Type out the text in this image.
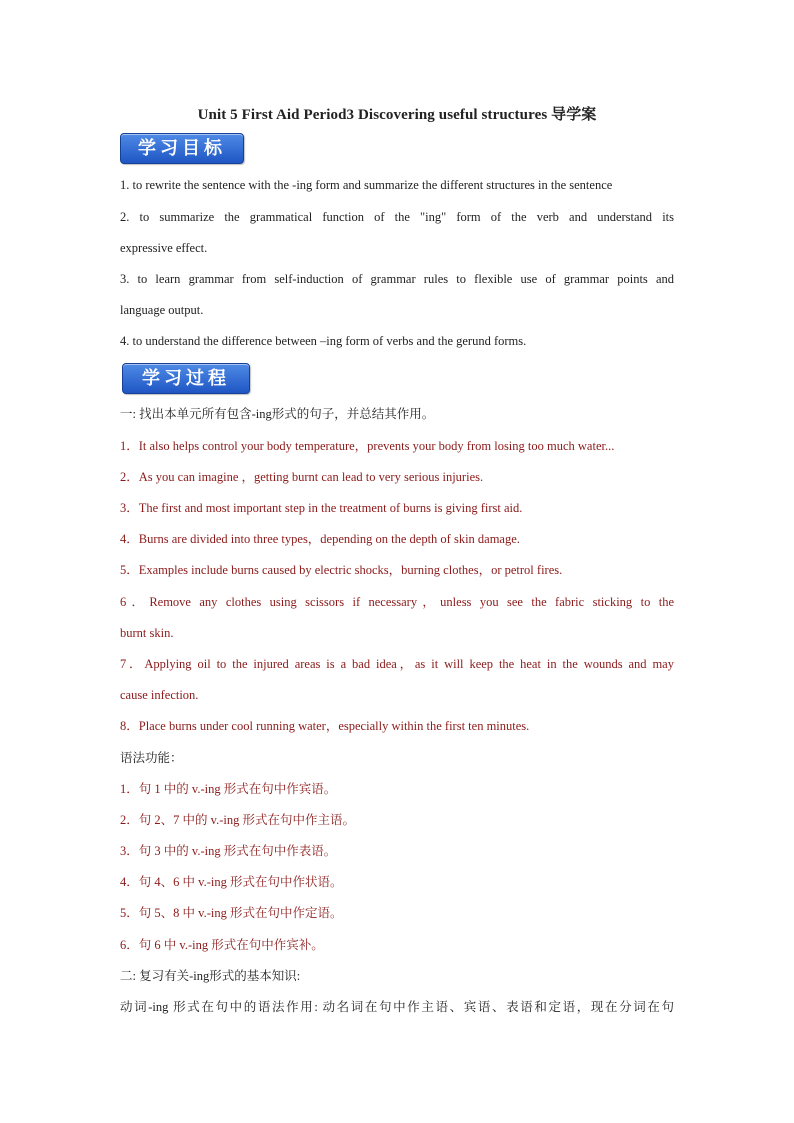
Unit 5 First Aid Period3 Discovering useful structures 导学案
学习目标
1. to rewrite the sentence with the -ing form and summarize the different structures in the sentence
2. to summarize the grammatical function of the "ing" form of the verb and understand its
expressive effect.
3. to learn grammar from self-induction of grammar rules to flexible use of grammar points and
language output.
4. to understand the difference between –ing form of verbs and the gerund forms.
学习过程
一: 找出本单元所有包含-ing形式的句子，并总结其作用。
1．It also helps control your body temperature，prevents your body from losing too much water...
2．As you can imagine ，getting burnt can lead to very serious injuries.
3．The first and most important step in the treatment of burns is giving first aid.
4．Burns are divided into three types，depending on the depth of skin damage.
5．Examples include burns caused by electric shocks，burning clothes，or petrol fires.
6．Remove any clothes using scissors if necessary，unless you see the fabric sticking to the
burnt skin.
7．Applying oil to the injured areas is a bad idea，as it will keep the heat in the wounds and may
cause infection.
8．Place burns under cool running water，especially within the first ten minutes.
语法功能：
1．句 1 中的 v.-ing 形式在句中作宾语。
2．句 2、7 中的 v.-ing 形式在句中作主语。
3．句 3 中的 v.-ing 形式在句中作表语。
4．句 4、6 中 v.-ing 形式在句中作状语。
5．句 5、8 中 v.-ing 形式在句中作定语。
6．句 6 中 v.-ing 形式在句中作宾补。
二: 复习有关-ing形式的基本知识:
动词-ing 形式在句中的语法作用: 动名词在句中作主语、宾语、表语和定语，现在分词在句
